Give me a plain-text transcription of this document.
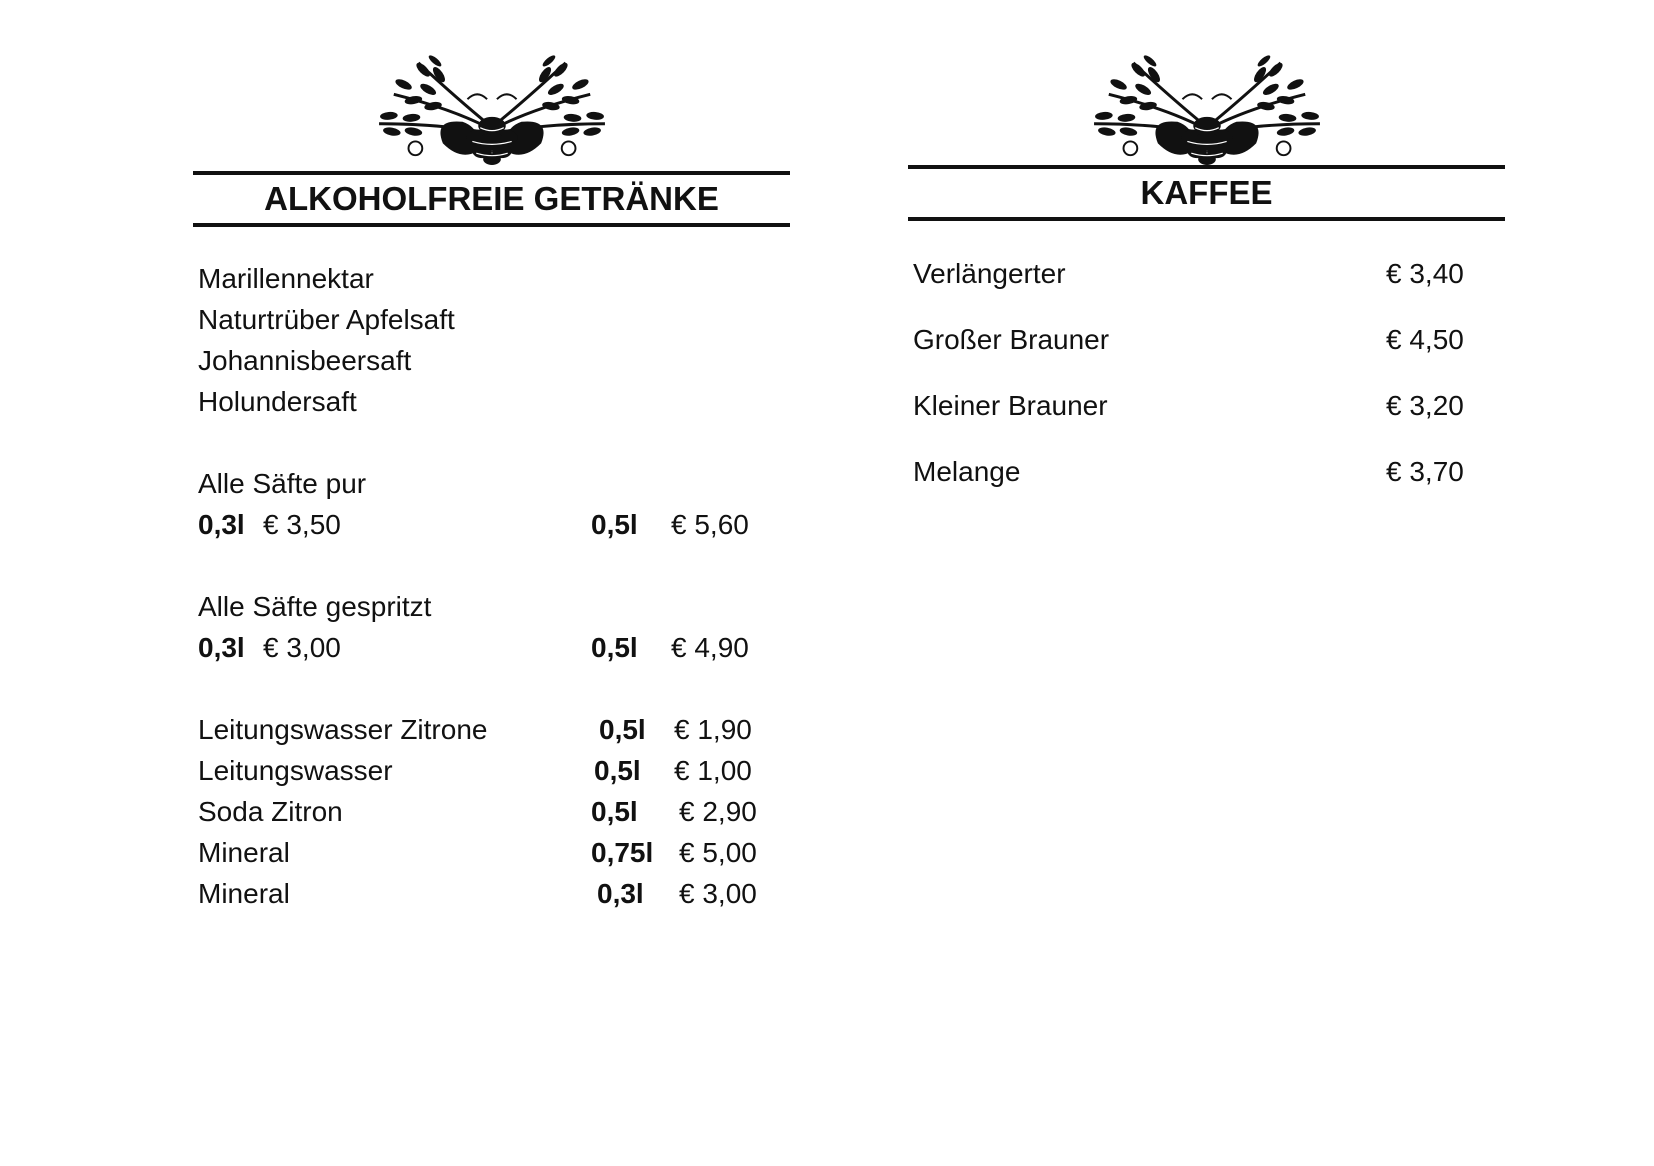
ALKOHOLFREIE GETRÄNKE
Marillennektar
Naturtrüber Apfelsaft
Johannisbeersaft
Holundersaft
Alle Säfte pur
0,3l € 3,50	0,5l € 5,60
Alle Säfte gespritzt
0,3l € 3,00	0,5l € 4,90
Leitungswasser Zitrone	0,5l € 1,90
Leitungswasser	0,5l € 1,00
Soda Zitron	0,5l € 2,90
Mineral	0,75l € 5,00
Mineral	0,3l € 3,00
KAFFEE
Verlängerter	€ 3,40
Großer Brauner	€ 4,50
Kleiner Brauner	€ 3,20
Melange	€ 3,70
